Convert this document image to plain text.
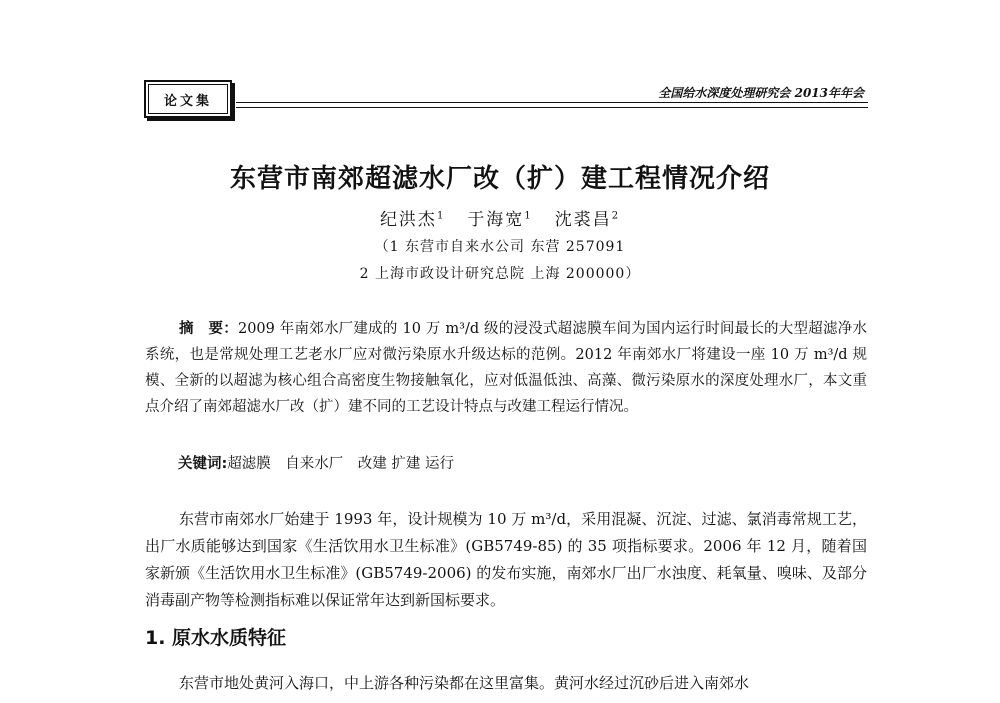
论文集
全国给水深度处理研究会 2013年年会
东营市南郊超滤水厂改（扩）建工程情况介绍
纪洪杰$^1$ 于海宽$^1$ 沈裘昌$^2$
（1 东营市自来水公司 东营 257091
2 上海市政设计研究总院 上海 200000）
摘　要：2009 年南郊水厂建成的 10 万 m³/d 级的浸没式超滤膜车间为国内运行时间最长的大型超滤净水系统，也是常规处理工艺老水厂应对微污染原水升级达标的范例。2012 年南郊水厂将建设一座 10 万 m³/d 规模、全新的以超滤为核心组合高密度生物接触氧化，应对低温低浊、高藻、微污染原水的深度处理水厂，本文重点介绍了南郊超滤水厂改（扩）建不同的工艺设计特点与改建工程运行情况。
关键词:超滤膜　自来水厂　改建 扩建 运行
东营市南郊水厂始建于 1993 年，设计规模为 10 万 m³/d，采用混凝、沉淀、过滤、氯消毒常规工艺，出厂水质能够达到国家《生活饮用水卫生标准》(GB5749-85) 的 35 项指标要求。2006 年 12 月，随着国家新颁《生活饮用水卫生标准》(GB5749-2006) 的发布实施，南郊水厂出厂水浊度、耗氧量、嗅味、及部分消毒副产物等检测指标难以保证常年达到新国标要求。
1. 原水水质特征
东营市地处黄河入海口，中上游各种污染都在这里富集。黄河水经过沉砂后进入南郊水
